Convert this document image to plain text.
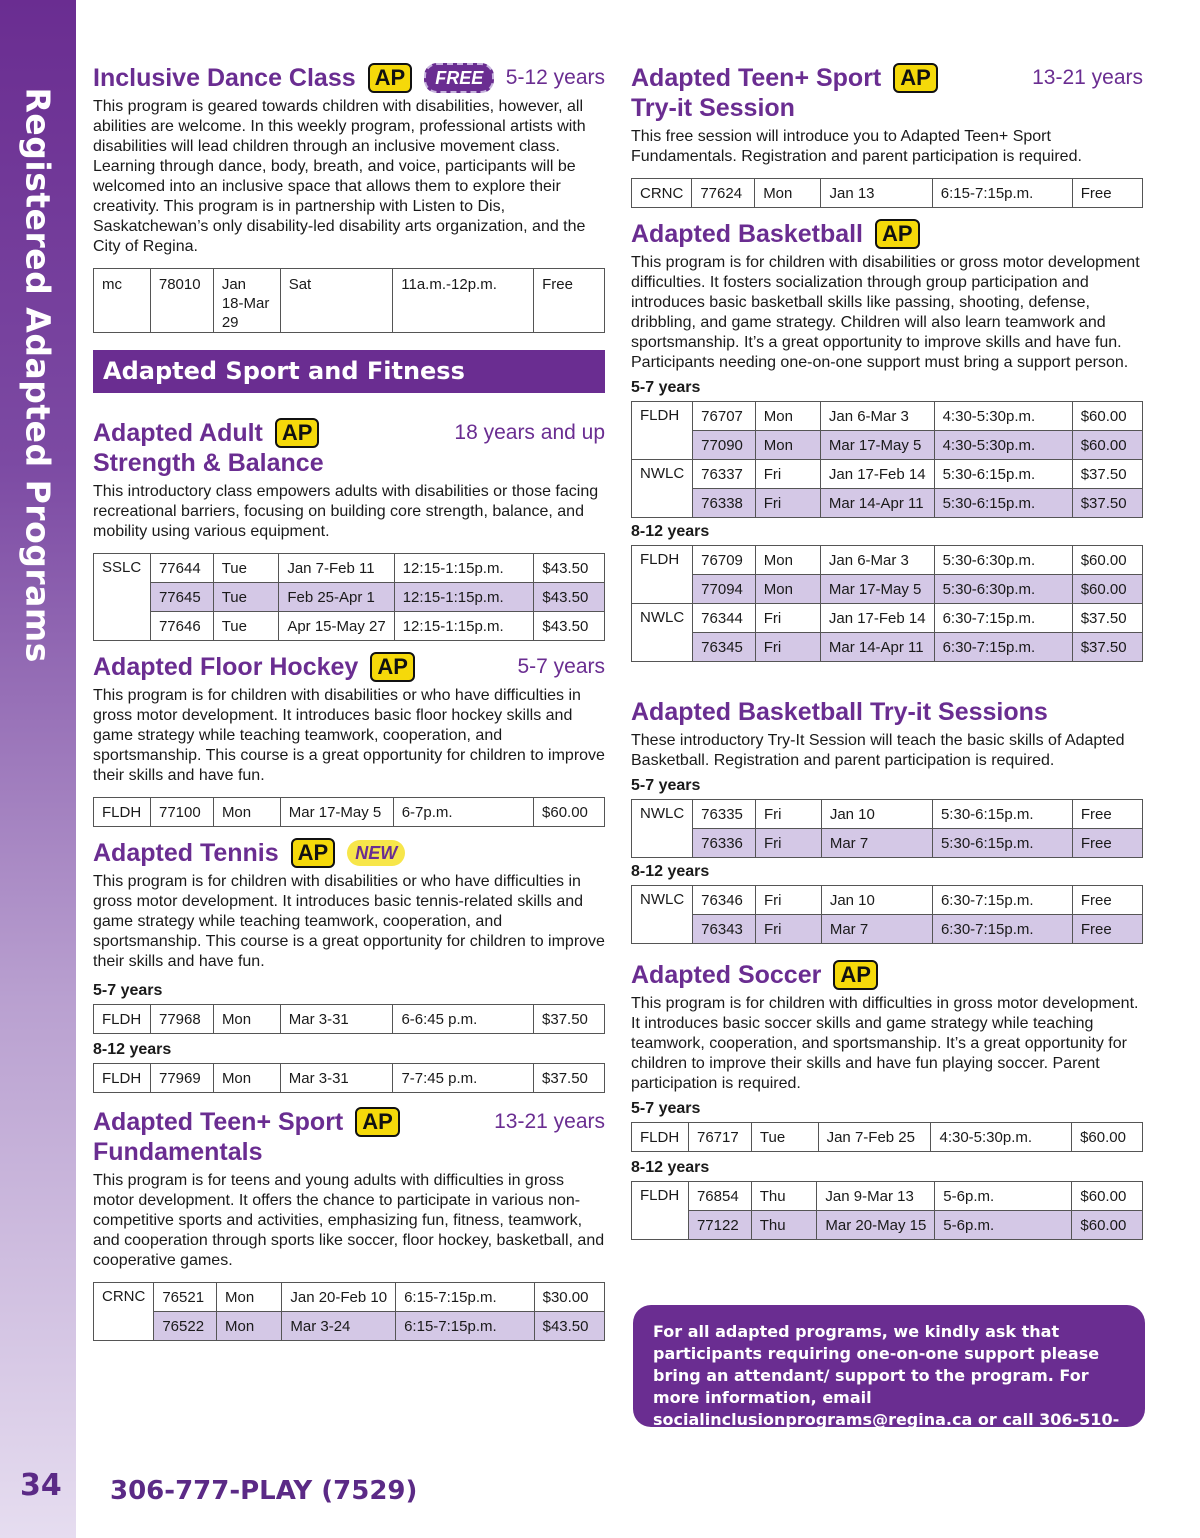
Registered Adapted Programs
34 306-777-PLAY (7529)
Inclusive Dance Class AP	FREE	5-12 years

This program is geared towards children with disabilities, however, all abilities are welcome. In this weekly program, professional artists with disabilities will lead children through an inclusive movement class. Learning through dance, body, breath, and voice, participants will be welcomed into an inclusive space that allows them to explore their creativity. This program is in partnership with Listen to Dis, Saskatchewan’s only disability-led disability arts organization, and the City of Regina.

mc	78010	Jan 18-Mar 29	Sat	11a.m.-12p.m.	Free
Adapted Adult AP
Strength & Balance
18 years and up

This introductory class empowers adults with disabilities or those facing recreational barriers, focusing on building core strength, balance, and mobility using various equipment.

SSLC	77644	Tue	Jan 7-Feb 11	12:15-1:15p.m.	$43.50
	77645	Tue	Feb 25-Apr 1	12:15-1:15p.m.	$43.50
	77646	Tue	Apr 15-May 27	12:15-1:15p.m.	$43.50
Adapted Floor Hockey AP	5-7 years

This program is for children with disabilities or who have difficulties in gross motor development. It introduces basic floor hockey skills and game strategy while teaching teamwork, cooperation, and sportsmanship. This course is a great opportunity for children to improve their skills and have fun.

FLDH	77100	Mon	Mar 17-May 5	6-7p.m.	$60.00
Adapted Tennis AP	NEW

This program is for children with disabilities or who have difficulties in gross motor development. It introduces basic tennis-related skills and game strategy while teaching teamwork, cooperation, and sportsmanship. This course is a great opportunity for children to improve their skills and have fun.

5-7 years
FLDH	77968	Mon	Mar 3-31	6-6:45 p.m.	$37.50
8-12 years
FLDH	77969	Mon	Mar 3-31	7-7:45 p.m.	$37.50
Adapted Teen+ Sport AP
Fundamentals
13-21 years

This program is for teens and young adults with difficulties in gross motor development. It offers the chance to participate in various non-competitive sports and activities, emphasizing fun, fitness, teamwork, and cooperation through sports like soccer, floor hockey, basketball, and cooperative games.

CRNC	76521	Mon	Jan 20-Feb 10	6:15-7:15p.m.	$30.00
	76522	Mon	Mar 3-24	6:15-7:15p.m.	$43.50
Adapted Sport and Fitness
Adapted Teen+ Sport AP
Try-it Session
13-21 years

This free session will introduce you to Adapted Teen+ Sport Fundamentals. Registration and parent participation is required.

CRNC	77624	Mon	Jan 13	6:15-7:15p.m.	Free
Adapted Basketball AP

This program is for children with disabilities or gross motor development difficulties. It fosters socialization through group participation and introduces basic basketball skills like passing, shooting, defense, dribbling, and game strategy. Children will also learn teamwork and sportsmanship. It’s a great opportunity to improve skills and have fun. Participants needing one-on-one support must bring a support person.

5-7 years
FLDH	76707	Mon	Jan 6-Mar 3	4:30-5:30p.m.	$60.00
	77090	Mon	Mar 17-May 5	4:30-5:30p.m.	$60.00
NWLC	76337	Fri	Jan 17-Feb 14	5:30-6:15p.m.	$37.50
	76338	Fri	Mar 14-Apr 11	5:30-6:15p.m.	$37.50
8-12 years
FLDH	76709	Mon	Jan 6-Mar 3	5:30-6:30p.m.	$60.00
	77094	Mon	Mar 17-May 5	5:30-6:30p.m.	$60.00
NWLC	76344	Fri	Jan 17-Feb 14	6:30-7:15p.m.	$37.50
	76345	Fri	Mar 14-Apr 11	6:30-7:15p.m.	$37.50
Adapted Basketball Try-it Sessions

These introductory Try-It Session will teach the basic skills of Adapted Basketball. Registration and parent participation is required.

5-7 years
NWLC	76335	Fri	Jan 10	5:30-6:15p.m.	Free
	76336	Fri	Mar 7	5:30-6:15p.m.	Free
8-12 years
NWLC	76346	Fri	Jan 10	6:30-7:15p.m.	Free
	76343	Fri	Mar 7	6:30-7:15p.m.	Free
Adapted Soccer AP

This program is for children with difficulties in gross motor development. It introduces basic soccer skills and game strategy while teaching teamwork, cooperation, and sportsmanship. It’s a great opportunity for children to improve their skills and have fun playing soccer. Parent participation is required.

5-7 years
FLDH	76717	Tue	Jan 7-Feb 25	4:30-5:30p.m.	$60.00
8-12 years
FLDH	76854	Thu	Jan 9-Mar 13	5-6p.m.	$60.00
	77122	Thu	Mar 20-May 15	5-6p.m.	$60.00
For all adapted programs, we kindly ask that participants requiring one-on-one support please bring an attendant/ support to the program. For more information, email socialinclusionprograms@regina.ca or call 306-510-2025.
